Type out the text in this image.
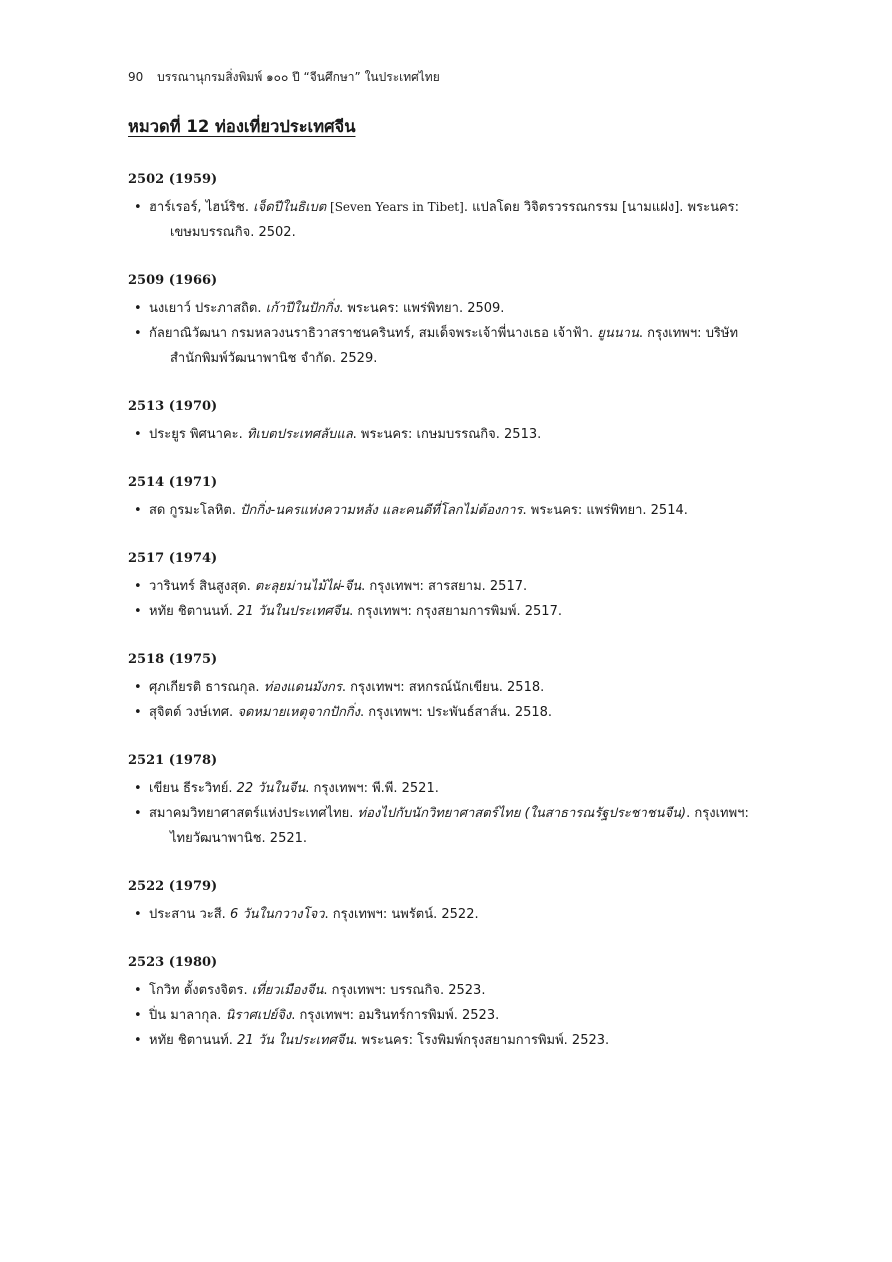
90 บรรณานุกรมสิ่งพิมพ์ ๑๐๐ ปี “จีนศึกษา” ในประเทศไทย
หมวดที่ 12 ท่องเที่ยวประเทศจีน
2502 (1959)
• ฮาร์เรอร์, ไฮน์ริช. เจ็ดปีในธิเบต [Seven Years in Tibet]. แปลโดย วิจิตรวรรณกรรม [นามแฝง]. พระนคร:
เขษมบรรณกิจ. 2502.
2509 (1966)
• นงเยาว์ ประภาสถิต. เก้าปีในปักกิ่ง. พระนคร: แพร่พิทยา. 2509.
• กัลยาณิวัฒนา กรมหลวงนราธิวาสราชนครินทร์, สมเด็จพระเจ้าพี่นางเธอ เจ้าฟ้า. ยูนนาน. กรุงเทพฯ: บริษัท
สำนักพิมพ์วัฒนาพานิช จำกัด. 2529.
2513 (1970)
• ประยูร พิศนาคะ. ทิเบตประเทศลับแล. พระนคร: เกษมบรรณกิจ. 2513.
2514 (1971)
• สด กูรมะโลหิต. ปักกิ่ง-นครแห่งความหลัง และคนดีที่โลกไม่ต้องการ. พระนคร: แพร่พิทยา. 2514.
2517 (1974)
• วารินทร์ สินสูงสุด. ตะลุยม่านไม้ไผ่-จีน. กรุงเทพฯ: สารสยาม. 2517.
• หทัย ชิตานนท์. 21 วันในประเทศจีน. กรุงเทพฯ: กรุงสยามการพิมพ์. 2517.
2518 (1975)
• ศุภเกียรติ ธารณกุล. ท่องแดนมังกร. กรุงเทพฯ: สหกรณ์นักเขียน. 2518.
• สุจิตต์ วงษ์เทศ. จดหมายเหตุจากปักกิ่ง. กรุงเทพฯ: ประพันธ์สาส์น. 2518.
2521 (1978)
• เขียน ธีระวิทย์. 22 วันในจีน. กรุงเทพฯ: พี.พี. 2521.
• สมาคมวิทยาศาสตร์แห่งประเทศไทย. ท่องไปกับนักวิทยาศาสตร์ไทย (ในสาธารณรัฐประชาชนจีน). กรุงเทพฯ:
ไทยวัฒนาพานิช. 2521.
2522 (1979)
• ประสาน วะสี. 6 วันในกวางโจว. กรุงเทพฯ: นพรัตน์. 2522.
2523 (1980)
• โกวิท ตั้งตรงจิตร. เที่ยวเมืองจีน. กรุงเทพฯ: บรรณกิจ. 2523.
• ปิ่น มาลากุล. นิราศเปย์จิง. กรุงเทพฯ: อมรินทร์การพิมพ์. 2523.
• หทัย ชิตานนท์. 21 วัน ในประเทศจีน. พระนคร: โรงพิมพ์กรุงสยามการพิมพ์. 2523.
